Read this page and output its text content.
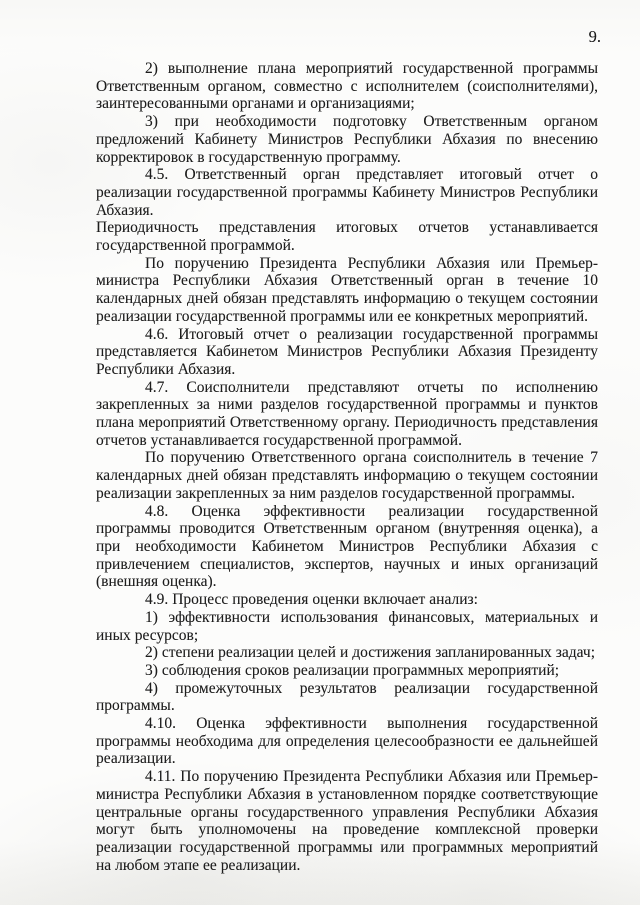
9.

2) выполнение плана мероприятий государственной программы Ответственным органом, совместно с исполнителем (соисполнителями), заинтересованными органами и организациями;

3) при необходимости подготовку Ответственным органом предложений Кабинету Министров Республики Абхазия по внесению корректировок в государственную программу.

4.5. Ответственный орган представляет итоговый отчет о реализации государственной программы Кабинету Министров Республики Абхазия.

Периодичность представления итоговых отчетов устанавливается государственной программой.

По поручению Президента Республики Абхазия или Премьер-министра Республики Абхазия Ответственный орган в течение 10 календарных дней обязан представлять информацию о текущем состоянии реализации государственной программы или ее конкретных мероприятий.

4.6. Итоговый отчет о реализации государственной программы представляется Кабинетом Министров Республики Абхазия Президенту Республики Абхазия.

4.7. Соисполнители представляют отчеты по исполнению закрепленных за ними разделов государственной программы и пунктов плана мероприятий Ответственному органу. Периодичность представления отчетов устанавливается государственной программой.

По поручению Ответственного органа соисполнитель в течение 7 календарных дней обязан представлять информацию о текущем состоянии реализации закрепленных за ним разделов государственной программы.

4.8. Оценка эффективности реализации государственной программы проводится Ответственным органом (внутренняя оценка), а при необходимости Кабинетом Министров Республики Абхазия с привлечением специалистов, экспертов, научных и иных организаций (внешняя оценка).

4.9. Процесс проведения оценки включает анализ:

1) эффективности использования финансовых, материальных и иных ресурсов;

2) степени реализации целей и достижения запланированных задач;

3) соблюдения сроков реализации программных мероприятий;

4) промежуточных результатов реализации государственной программы.

4.10. Оценка эффективности выполнения государственной программы необходима для определения целесообразности ее дальнейшей реализации.

4.11. По поручению Президента Республики Абхазия или Премьер-министра Республики Абхазия в установленном порядке соответствующие центральные органы государственного управления Республики Абхазия могут быть уполномочены на проведение комплексной проверки реализации государственной программы или программных мероприятий на любом этапе ее реализации.
